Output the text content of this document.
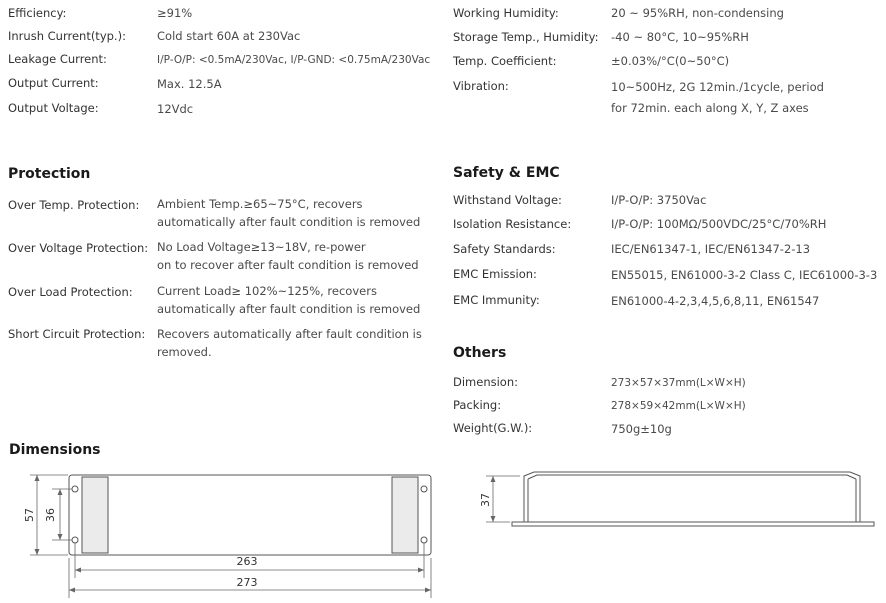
Efficiency:	≥91%
Inrush Current(typ.):	Cold start 60A at 230Vac
Leakage Current:	I/P-O/P: <0.5mA/230Vac, I/P-GND: <0.75mA/230Vac
Output Current:	Max. 12.5A
Output Voltage:	12Vdc
Working Humidity:	20 ~ 95%RH, non-condensing
Storage Temp., Humidity: -40 ~ 80°C, 10~95%RH
Temp. Coefficient:	±0.03%/°C(0~50°C)
Vibration:	10~500Hz, 2G 12min./1cycle, period
for 72min. each along X, Y, Z axes
Protection
Over Temp. Protection: Ambient Temp.≥65~75°C, recovers
automatically after fault condition is removed
Over Voltage Protection: No Load Voltage≥13~18V, re-power
on to recover after fault condition is removed
Over Load Protection: Current Load≥ 102%~125%, recovers
automatically after fault condition is removed
Short Circuit Protection: Recovers automatically after fault condition is
removed.
Safety & EMC
Withstand Voltage:	I/P-O/P: 3750Vac
Isolation Resistance:	I/P-O/P: 100MΩ/500VDC/25°C/70%RH
Safety Standards:	IEC/EN61347-1, IEC/EN61347-2-13
EMC Emission:	EN55015, EN61000-3-2 Class C, IEC61000-3-3
EMC Immunity:	EN61000-4-2,3,4,5,6,8,11, EN61547
Others
Dimension:	273×57×37mm(L×W×H)
Packing:	278×59×42mm(L×W×H)
Weight(G.W.):	750g±10g
Dimensions
57 36
263
273
37
